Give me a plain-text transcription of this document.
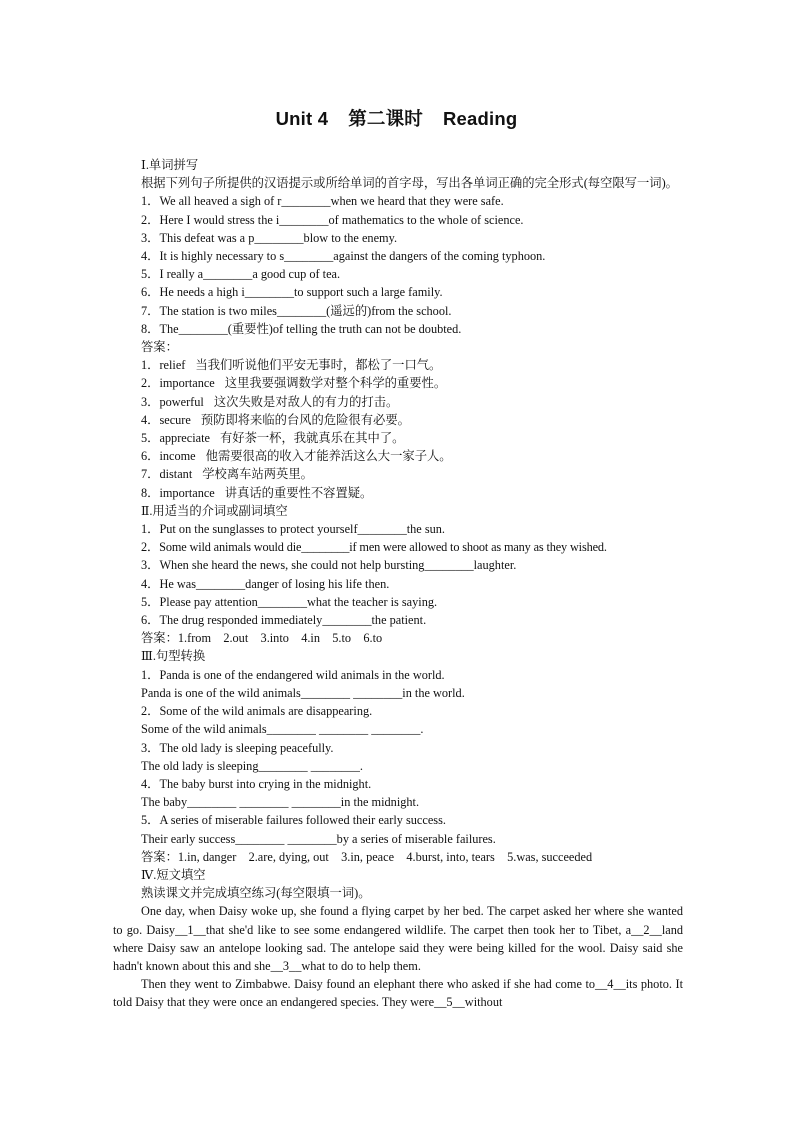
Unit 4 第二课时 Reading
Ⅰ.单词拼写
根据下列句子所提供的汉语提示或所给单词的首字母，写出各单词正确的完全形式(每空限写一词)。
1．We all heaved a sigh of r________when we heard that they were safe.
2．Here I would stress the i________of mathematics to the whole of science.
3．This defeat was a p________blow to the enemy.
4．It is highly necessary to s________against the dangers of the coming typhoon.
5．I really a________a good cup of tea.
6．He needs a high i________to support such a large family.
7．The station is two miles________(遥远的)from the school.
8．The________(重要性)of telling the truth can not be doubted.
答案：
1．relief 当我们听说他们平安无事时，都松了一口气。
2．importance 这里我要强调数学对整个科学的重要性。
3．powerful 这次失败是对敌人的有力的打击。
4．secure 预防即将来临的台风的危险很有必要。
5．appreciate 有好茶一杯，我就真乐在其中了。
6．income 他需要很高的收入才能养活这么大一家子人。
7．distant 学校离车站两英里。
8．importance 讲真话的重要性不容置疑。
Ⅱ.用适当的介词或副词填空
1．Put on the sunglasses to protect yourself________the sun.
2．Some wild animals would die________if men were allowed to shoot as many as they wished.
3．When she heard the news, she could not help bursting________laughter.
4．He was________danger of losing his life then.
5．Please pay attention________what the teacher is saying.
6．The drug responded immediately________the patient.
答案：1.from　2.out　3.into　4.in　5.to　6.to
Ⅲ.句型转换
1．Panda is one of the endangered wild animals in the world.
Panda is one of the wild animals________ ________in the world.
2．Some of the wild animals are disappearing.
Some of the wild animals________ ________ ________.
3．The old lady is sleeping peacefully.
The old lady is sleeping________ ________.
4．The baby burst into crying in the midnight.
The baby________ ________ ________in the midnight.
5．A series of miserable failures followed their early success.
Their early success________ ________by a series of miserable failures.
答案：1.in, danger　2.are, dying, out　3.in, peace　4.burst, into, tears　5.was, succeeded
Ⅳ.短文填空
熟读课文并完成填空练习(每空限填一词)。
One day, when Daisy woke up, she found a flying carpet by her bed. The carpet asked her where she wanted to go. Daisy__1__that she'd like to see some endangered wildlife. The carpet then took her to Tibet, a__2__land where Daisy saw an antelope looking sad. The antelope said they were being killed for the wool. Daisy said she hadn't known about this and she__3__what to do to help them.
Then they went to Zimbabwe. Daisy found an elephant there who asked if she had come to__4__its photo. It told Daisy that they were once an endangered species. They were__5__without
